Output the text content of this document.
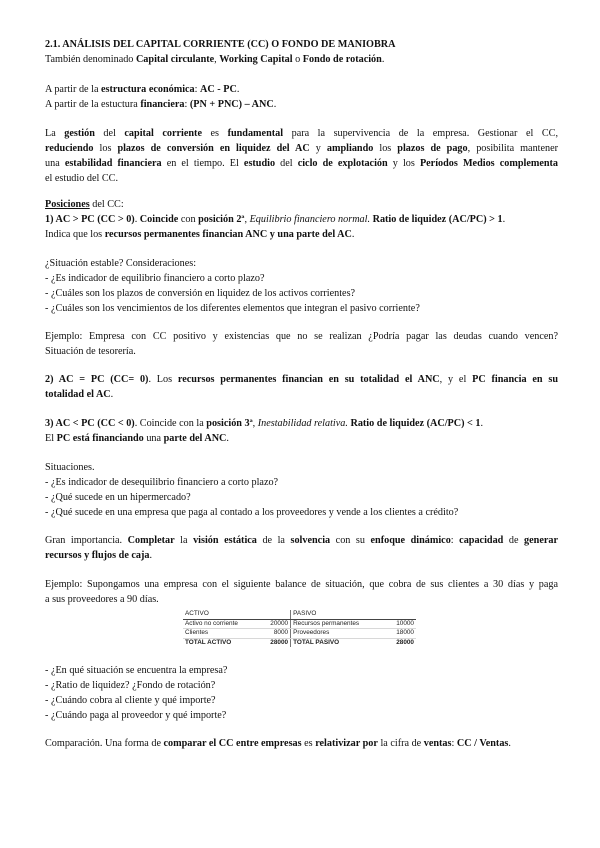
2.1. ANÁLISIS DEL CAPITAL CORRIENTE (CC) O FONDO DE MANIOBRA

También denominado Capital circulante, Working Capital o Fondo de rotación.

A partir de la estructura económica: AC - PC.

A partir de la estuctura financiera: (PN + PNC) – ANC.

La gestión del capital corriente es fundamental para la supervivencia de la empresa. Gestionar el CC,
reduciendo los plazos de conversión en liquidez del AC y ampliando los plazos de pago, posibilita mantener
una estabilidad financiera en el tiempo. El estudio del ciclo de explotación y los Períodos Medios complementa
el estudio del CC.

Posiciones del CC:

1) AC > PC (CC > 0). Coincide con posición 2ª, Equilibrio financiero normal. Ratio de liquidez (AC/PC) > 1.

Indica que los recursos permanentes financian ANC y una parte del AC.

¿Situación estable? Consideraciones:
- ¿Es indicador de equilibrio financiero a corto plazo?
- ¿Cuáles son los plazos de conversión en liquidez de los activos corrientes?
- ¿Cuáles son los vencimientos de los diferentes elementos que integran el pasivo corriente?

Ejemplo: Empresa con CC positivo y existencias que no se realizan ¿Podría pagar las deudas cuando vencen?
Situación de tesorería.

2) AC = PC (CC= 0). Los recursos permanentes financian en su totalidad el ANC, y el PC financia en su
totalidad el AC.

3) AC < PC (CC < 0). Coincide con la posición 3ª, Inestabilidad relativa. Ratio de liquidez (AC/PC) < 1.

El PC está financiando una parte del ANC.

Situaciones.
- ¿Es indicador de desequilibrio financiero a corto plazo?
- ¿Qué sucede en un hipermercado?
- ¿Qué sucede en una empresa que paga al contado a los proveedores y vende a los clientes a crédito?

Gran importancia. Completar la visión estática de la solvencia con su enfoque dinámico: capacidad de generar
recursos y flujos de caja.

Ejemplo: Supongamos una empresa con el siguiente balance de situación, que cobra de sus clientes a 30 días y paga
a sus proveedores a 90 días.

ACTIVO		PASIVO	
Activo no corriente	20000	Recursos permanentes	10000
Clientes	8000	Proveedores	18000
TOTAL ACTIVO	28000	TOTAL PASIVO	28000

- ¿En qué situación se encuentra la empresa?
- ¿Ratio de liquidez? ¿Fondo de rotación?
- ¿Cuándo cobra al cliente y qué importe?
- ¿Cuándo paga al proveedor y qué importe?

Comparación. Una forma de comparar el CC entre empresas es relativizar por la cifra de ventas: CC / Ventas.
